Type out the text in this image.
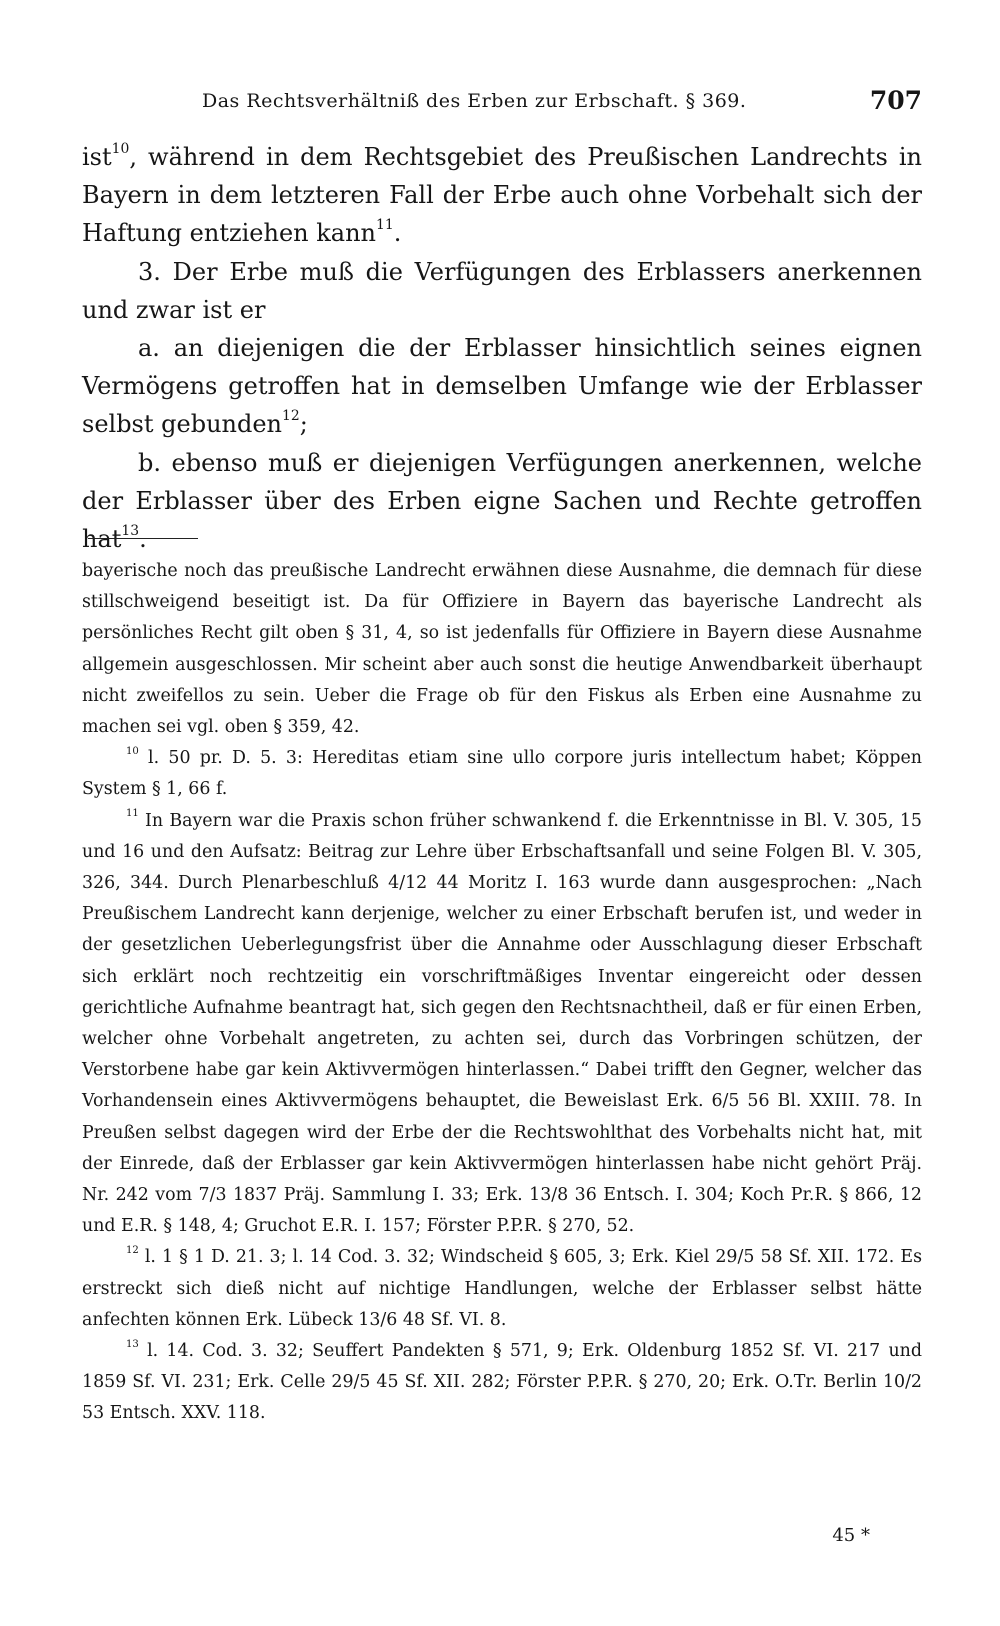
Das Rechtsverhältniß des Erben zur Erbschaft. § 369.	707

ist$^{10}$, während in dem Rechtsgebiet des Preußischen Landrechts in Bayern in dem letzteren Fall der Erbe auch ohne Vorbehalt sich der Haftung entziehen kann$^{11}$.

3. Der Erbe muß die Verfügungen des Erblassers anerkennen und zwar ist er

a. an diejenigen die der Erblasser hinsichtlich seines eignen Vermögens getroffen hat in demselben Umfange wie der Erblasser selbst gebunden$^{12}$;

b. ebenso muß er diejenigen Verfügungen anerkennen, welche der Erblasser über des Erben eigne Sachen und Rechte getroffen hat$^{13}$.

bayerische noch das preußische Landrecht erwähnen diese Ausnahme, die demnach für diese stillschweigend beseitigt ist. Da für Offiziere in Bayern das bayerische Landrecht als persönliches Recht gilt oben § 31, 4, so ist jedenfalls für Offiziere in Bayern diese Ausnahme allgemein ausgeschlossen. Mir scheint aber auch sonst die heutige Anwendbarkeit überhaupt nicht zweifellos zu sein. Ueber die Frage ob für den Fiskus als Erben eine Ausnahme zu machen sei vgl. oben § 359, 42.

$^{10}$ l. 50 pr. D. 5. 3: Hereditas etiam sine ullo corpore juris intellectum habet; Köppen System § 1, 66 f.

$^{11}$ In Bayern war die Praxis schon früher schwankend f. die Erkenntnisse in Bl. V. 305, 15 und 16 und den Aufsatz: Beitrag zur Lehre über Erbschaftsanfall und seine Folgen Bl. V. 305, 326, 344. Durch Plenarbeschluß 4/12 44 Moritz I. 163 wurde dann ausgesprochen: „Nach Preußischem Landrecht kann derjenige, welcher zu einer Erbschaft berufen ist, und weder in der gesetzlichen Ueberlegungsfrist über die Annahme oder Ausschlagung dieser Erbschaft sich erklärt noch rechtzeitig ein vorschriftmäßiges Inventar eingereicht oder dessen gerichtliche Aufnahme beantragt hat, sich gegen den Rechtsnachtheil, daß er für einen Erben, welcher ohne Vorbehalt angetreten, zu achten sei, durch das Vorbringen schützen, der Verstorbene habe gar kein Aktivvermögen hinterlassen.“ Dabei trifft den Gegner, welcher das Vorhandensein eines Aktivvermögens behauptet, die Beweislast Erk. 6/5 56 Bl. XXIII. 78. In Preußen selbst dagegen wird der Erbe der die Rechtswohlthat des Vorbehalts nicht hat, mit der Einrede, daß der Erblasser gar kein Aktivvermögen hinterlassen habe nicht gehört Präj. Nr. 242 vom 7/3 1837 Präj. Sammlung I. 33; Erk. 13/8 36 Entsch. I. 304; Koch Pr.R. § 866, 12 und E.R. § 148, 4; Gruchot E.R. I. 157; Förster P.P.R. § 270, 52.

$^{12}$ l. 1 § 1 D. 21. 3; l. 14 Cod. 3. 32; Windscheid § 605, 3; Erk. Kiel 29/5 58 Sf. XII. 172. Es erstreckt sich dieß nicht auf nichtige Handlungen, welche der Erblasser selbst hätte anfechten können Erk. Lübeck 13/6 48 Sf. VI. 8.

$^{13}$ l. 14. Cod. 3. 32; Seuffert Pandekten § 571, 9; Erk. Oldenburg 1852 Sf. VI. 217 und 1859 Sf. VI. 231; Erk. Celle 29/5 45 Sf. XII. 282; Förster P.P.R. § 270, 20; Erk. O.Tr. Berlin 10/2 53 Entsch. XXV. 118.

45 *
